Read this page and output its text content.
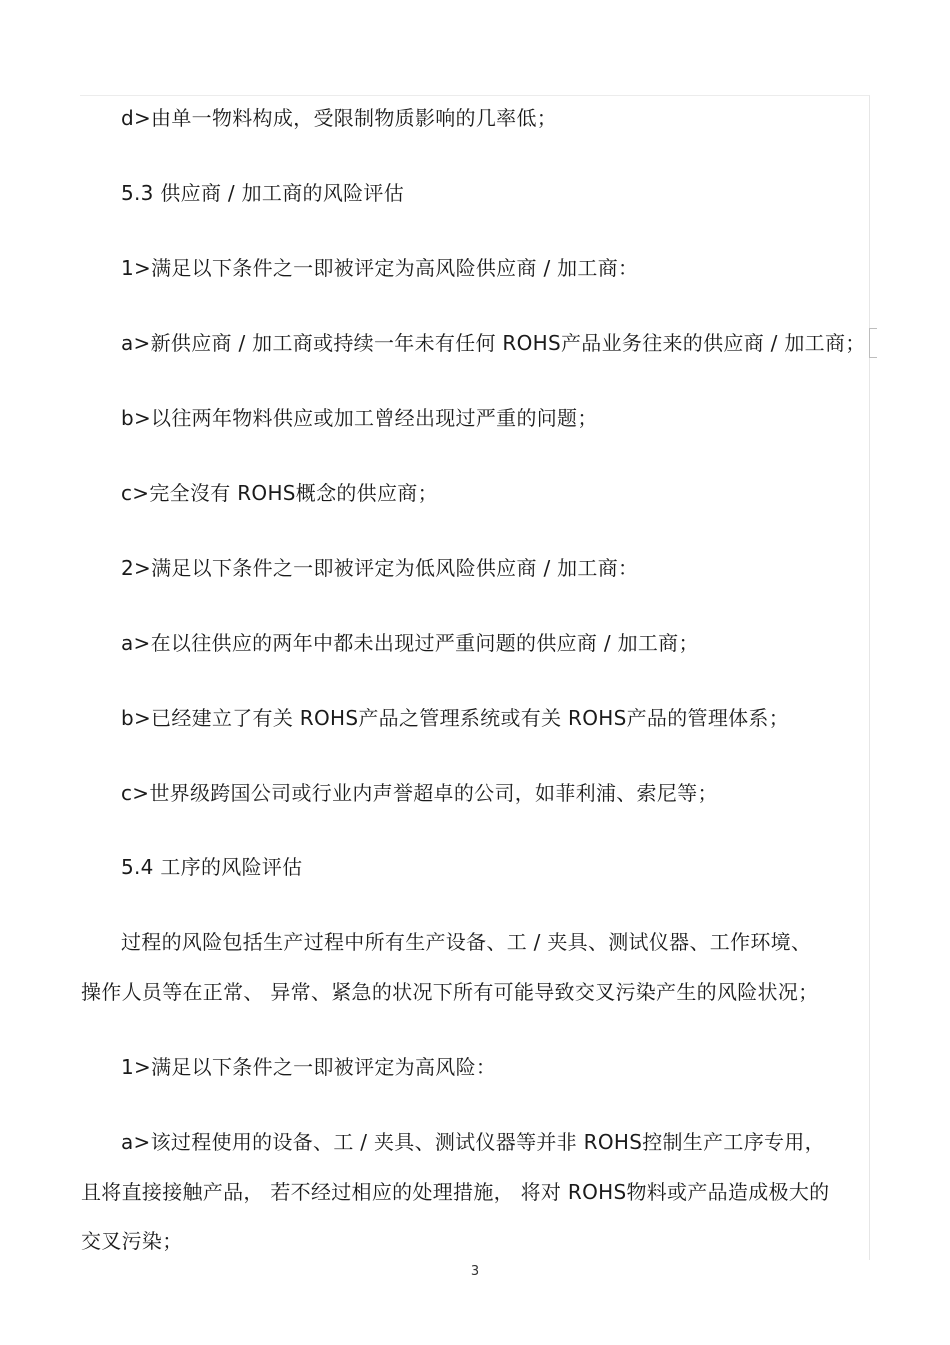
d>由单一物料构成，受限制物质影响的几率低；
5.3 供应商 / 加工商的风险评估
1>满足以下条件之一即被评定为高风险供应商 / 加工商：
a>新供应商 / 加工商或持续一年未有任何 ROHS产品业务往来的供应商 / 加工商；
b>以往两年物料供应或加工曾经出现过严重的问题；
c>完全沒有 ROHS概念的供应商；
2>满足以下条件之一即被评定为低风险供应商 / 加工商：
a>在以往供应的两年中都未出现过严重问题的供应商 / 加工商；
b>已经建立了有关 ROHS产品之管理系统或有关 ROHS产品的管理体系；
c>世界级跨国公司或行业内声誉超卓的公司，如菲利浦、索尼等；
5.4 工序的风险评估
过程的风险包括生产过程中所有生产设备、工 / 夹具、测试仪器、工作环境、
操作人员等在正常、 异常、紧急的状况下所有可能导致交叉污染产生的风险状况；
1>满足以下条件之一即被评定为高风险：
a>该过程使用的设备、工 / 夹具、测试仪器等并非 ROHS控制生产工序专用，
且将直接接触产品， 若不经过相应的处理措施， 将对 ROHS物料或产品造成极大的
交叉污染；
3
